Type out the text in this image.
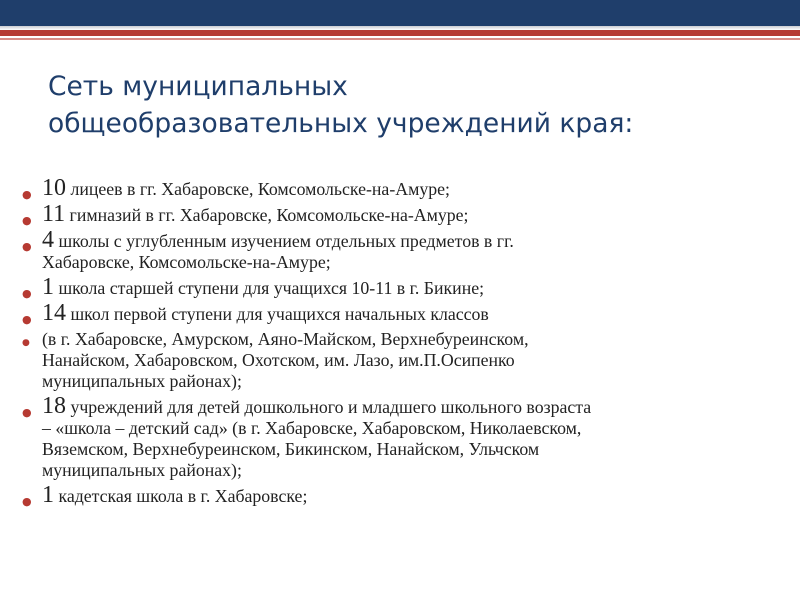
Сеть муниципальных
общеобразовательных учреждений края:
● 10 лицеев в гг. Хабаровске, Комсомольске-на-Амуре;
● 11 гимназий в гг. Хабаровске, Комсомольске-на-Амуре;
● 4 школы с углубленным изучением отдельных предметов в гг.
Хабаровске, Комсомольске-на-Амуре;
● 1 школа старшей ступени для учащихся 10-11 в г. Бикине;
● 14 школ первой ступени для учащихся начальных классов
● (в г. Хабаровске, Амурском, Аяно-Майском, Верхнебуреинском,
Нанайском, Хабаровском, Охотском, им. Лазо, им.П.Осипенко
муниципальных районах);
● 18 учреждений для детей дошкольного и младшего школьного возраста
– «школа – детский сад» (в г. Хабаровске, Хабаровском, Николаевском,
Вяземском, Верхнебуреинском, Бикинском, Нанайском, Ульчском
муниципальных районах);
● 1 кадетская школа в г. Хабаровске;
